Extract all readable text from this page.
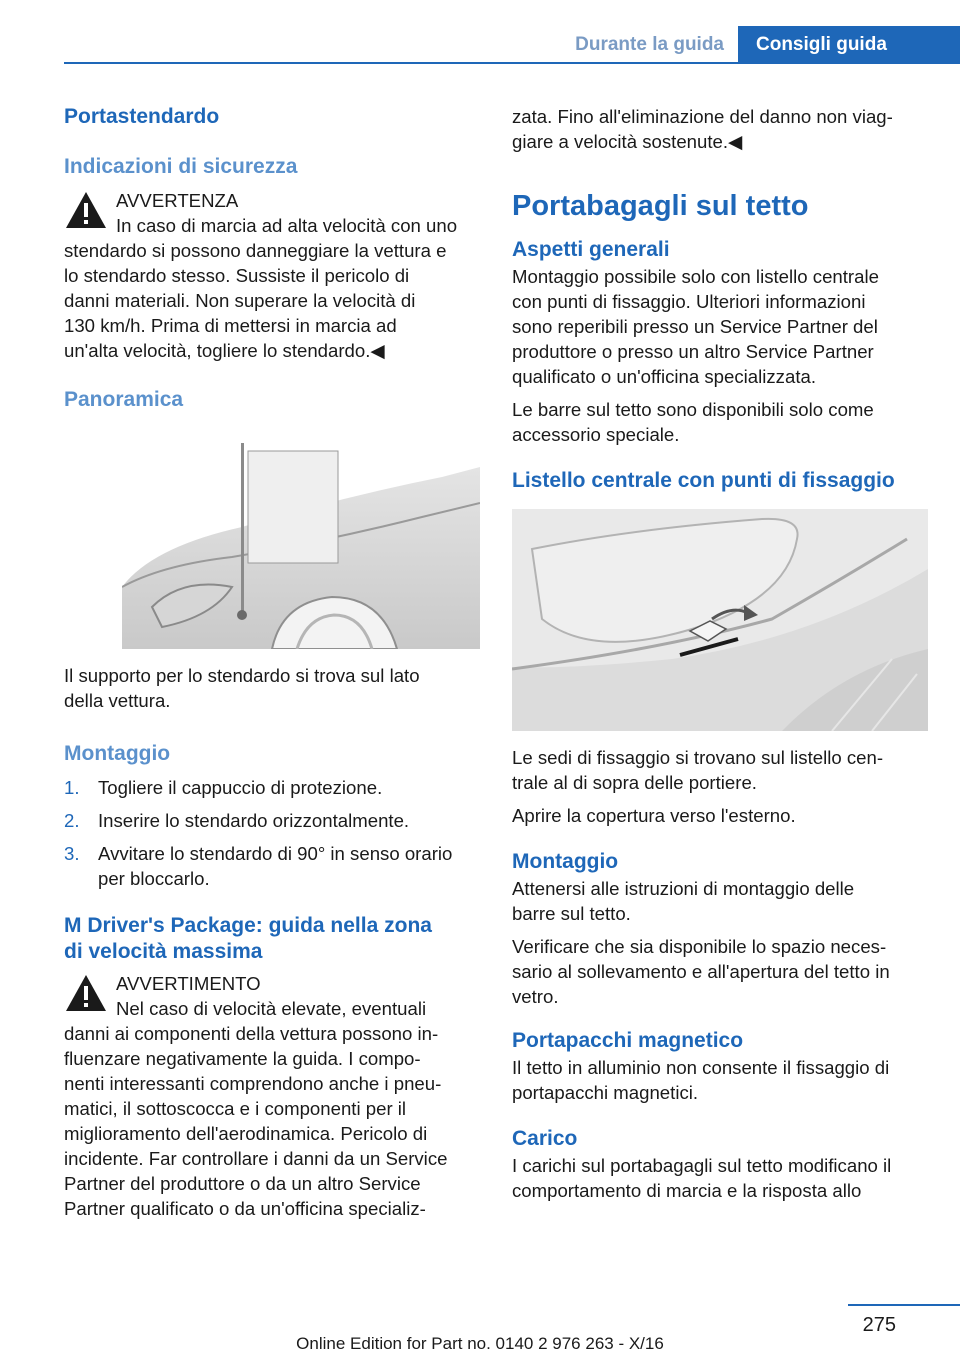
Durante la guida	Consigli guida
Portastendardo
Indicazioni di sicurezza

AVVERTENZA

In caso di marcia ad alta velocità con uno

stendardo si possono danneggiare la vettura e

lo stendardo stesso. Sussiste il pericolo di

danni materiali. Non superare la velocità di

130 km/h. Prima di mettersi in marcia ad

un'alta velocità, togliere lo stendardo.◀

Panoramica

Il supporto per lo stendardo si trova sul lato

della vettura.

Montaggio
1. Togliere il cappuccio di protezione.

2. Inserire lo stendardo orizzontalmente.

3. Avvitare lo stendardo di 90° in senso orario

per bloccarlo.

M Driver's Package: guida nella zona
di velocità massima

AVVERTIMENTO

Nel caso di velocità elevate, eventuali

danni ai componenti della vettura possono in‐

fluenzare negativamente la guida. I compo‐

nenti interessanti comprendono anche i pneu‐

matici, il sottoscocca e i componenti per il

miglioramento dell'aerodinamica. Pericolo di

incidente. Far controllare i danni da un Service

Partner del produttore o da un altro Service

Partner qualificato o da un'officina specializ‐

zata. Fino all'eliminazione del danno non viag‐

giare a velocità sostenute.◀

Portabagagli sul tetto
Aspetti generali

Montaggio possibile solo con listello centrale

con punti di fissaggio. Ulteriori informazioni

sono reperibili presso un Service Partner del

produttore o presso un altro Service Partner

qualificato o un'officina specializzata.

Le barre sul tetto sono disponibili solo come

accessorio speciale.

Listello centrale con punti di fissaggio

Le sedi di fissaggio si trovano sul listello cen‐

trale al di sopra delle portiere.

Aprire la copertura verso l'esterno.

Montaggio

Attenersi alle istruzioni di montaggio delle

barre sul tetto.

Verificare che sia disponibile lo spazio neces‐

sario al sollevamento e all'apertura del tetto in

vetro.

Portapacchi magnetico

Il tetto in alluminio non consente il fissaggio di

portapacchi magnetici.

Carico

I carichi sul portabagagli sul tetto modificano il

comportamento di marcia e la risposta allo

275
Online Edition for Part no. 0140 2 976 263 - X/16
